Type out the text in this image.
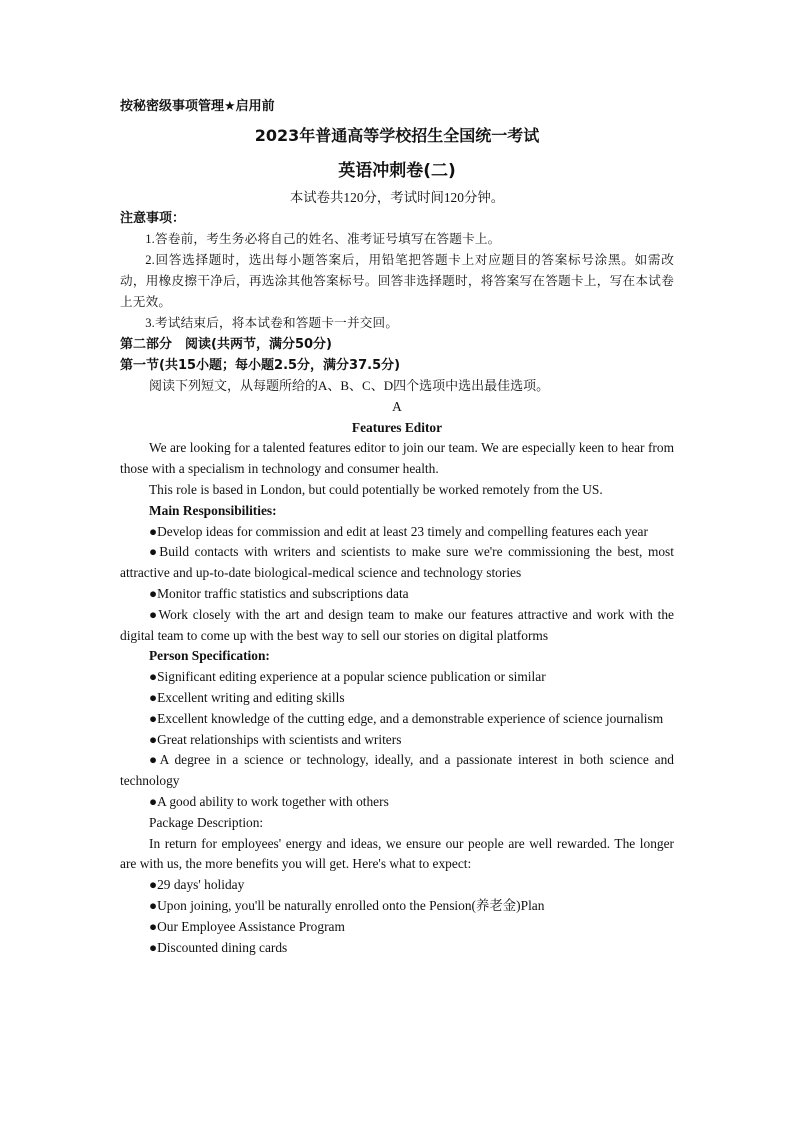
按秘密级事项管理★启用前
2023年普通高等学校招生全国统一考试
英语冲刺卷(二)
本试卷共120分，考试时间120分钟。
注意事项：
1.答卷前，考生务必将自己的姓名、准考证号填写在答题卡上。
2.回答选择题时，选出每小题答案后，用铅笔把答题卡上对应题目的答案标号涂黑。如需改动，用橡皮擦干净后，再选涂其他答案标号。回答非选择题时，将答案写在答题卡上，写在本试卷上无效。
3.考试结束后，将本试卷和答题卡一并交回。
第二部分　阅读(共两节，满分50分)
第一节(共15小题；每小题2.5分，满分37.5分)
阅读下列短文，从每题所给的A、B、C、D四个选项中选出最佳选项。
A
Features Editor

We are looking for a talented features editor to join our team. We are especially keen to hear from those with a specialism in technology and consumer health.

This role is based in London, but could potentially be worked remotely from the US.

Main Responsibilities:

●Develop ideas for commission and edit at least 23 timely and compelling features each year

●Build contacts with writers and scientists to make sure we're commissioning the best, most attractive and up-to-date biological-medical science and technology stories

●Monitor traffic statistics and subscriptions data

●Work closely with the art and design team to make our features attractive and work with the digital team to come up with the best way to sell our stories on digital platforms

Person Specification:

●Significant editing experience at a popular science publication or similar

●Excellent writing and editing skills

●Excellent knowledge of the cutting edge, and a demonstrable experience of science journalism

●Great relationships with scientists and writers

●A degree in a science or technology, ideally, and a passionate interest in both science and technology

●A good ability to work together with others

Package Description:

In return for employees' energy and ideas, we ensure our people are well rewarded. The longer are with us, the more benefits you will get. Here's what to expect:

●29 days' holiday

●Upon joining, you'll be naturally enrolled onto the Pension(养老金)Plan

●Our Employee Assistance Program

●Discounted dining cards
